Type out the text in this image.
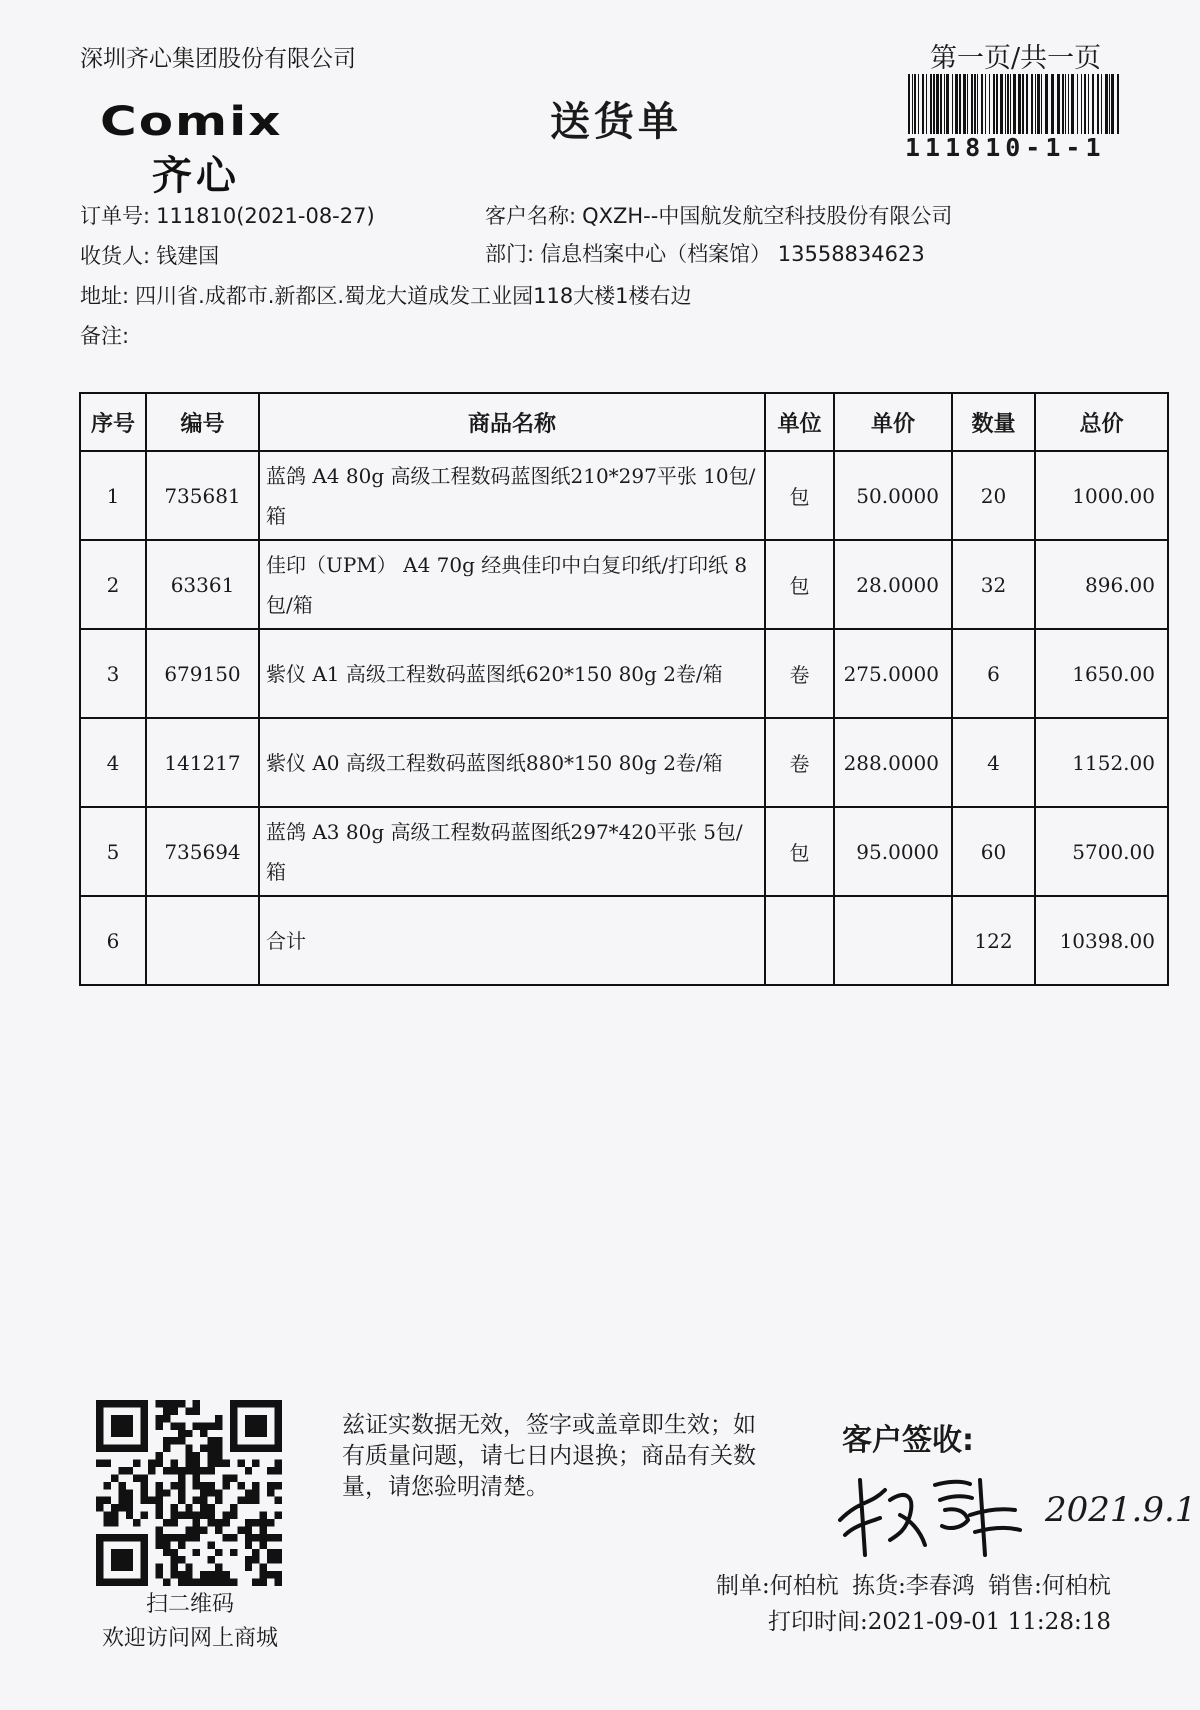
深圳齐心集团股份有限公司
Comix
齐心
送货单
第一页/共一页
111810-1-1
订单号: 111810(2021-08-27)	客户名称: QXZH--中国航发航空科技股份有限公司
收货人: 钱建国	部门: 信息档案中心（档案馆） 13558834623
地址: 四川省.成都市.新都区.蜀龙大道成发工业园118大楼1楼右边
备注:
序号	编号	商品名称	单位	单价	数量	总价
1	735681	蓝鸽 A4 80g 高级工程数码蓝图纸210*297平张 10包/箱	包	50.0000	20	1000.00
2	63361	佳印（UPM） A4 70g 经典佳印中白复印纸/打印纸 8包/箱	包	28.0000	32	896.00
3	679150	紫仪 A1 高级工程数码蓝图纸620*150 80g 2卷/箱	卷	275.0000	6	1650.00
4	141217	紫仪 A0 高级工程数码蓝图纸880*150 80g 2卷/箱	卷	288.0000	4	1152.00
5	735694	蓝鸽 A3 80g 高级工程数码蓝图纸297*420平张 5包/箱	包	95.0000	60	5700.00
6		合计			122	10398.00
扫二维码
欢迎访问网上商城
兹证实数据无效，签字或盖章即生效；如有质量问题，请七日内退换；商品有关数量，请您验明清楚。
客户签收:
2021.9.1
制单:何柏杭 拣货:李春鸿 销售:何柏杭
打印时间:2021-09-01 11:28:18
